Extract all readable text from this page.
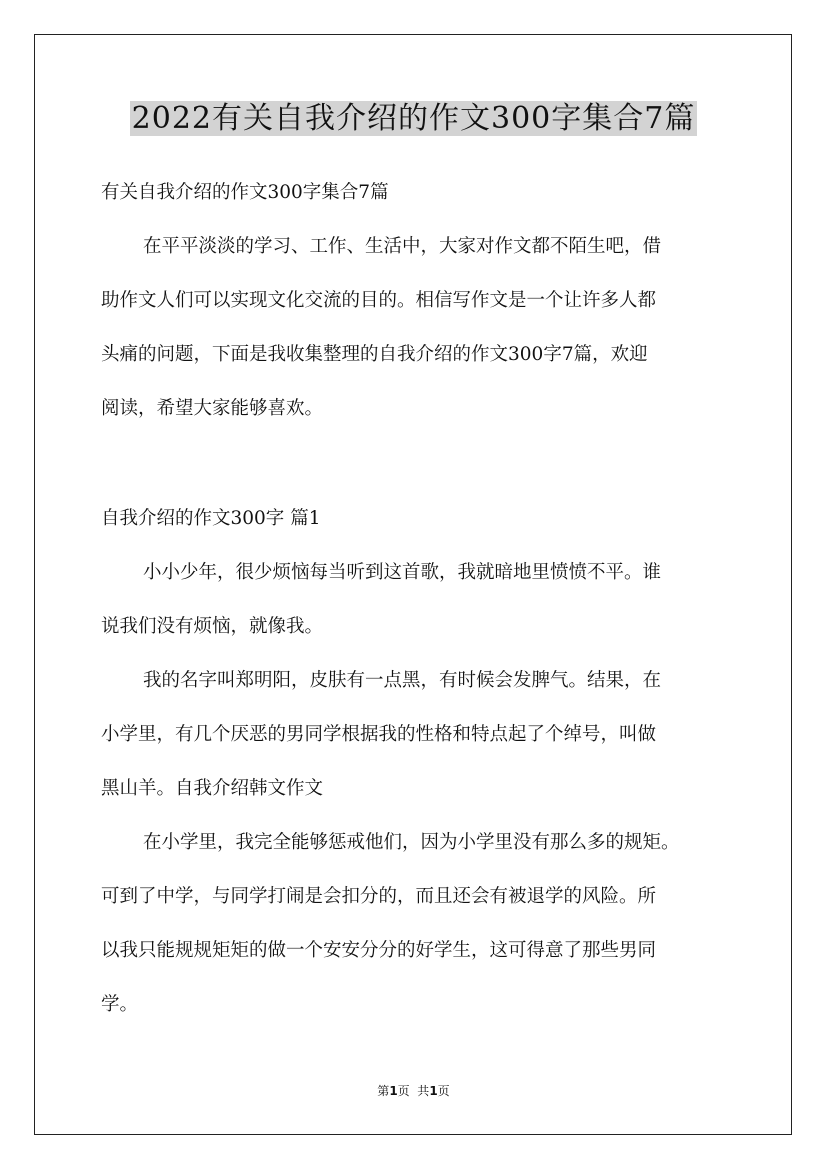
2022有关自我介绍的作文300字集合7篇
有关自我介绍的作文300字集合7篇
在平平淡淡的学习、工作、生活中，大家对作文都不陌生吧，借
助作文人们可以实现文化交流的目的。相信写作文是一个让许多人都
头痛的问题，下面是我收集整理的自我介绍的作文300字7篇，欢迎
阅读，希望大家能够喜欢。
自我介绍的作文300字 篇1
小小少年，很少烦恼每当听到这首歌，我就暗地里愤愤不平。谁
说我们没有烦恼，就像我。
我的名字叫郑明阳，皮肤有一点黑，有时候会发脾气。结果，在
小学里，有几个厌恶的男同学根据我的性格和特点起了个绰号，叫做
黑山羊。自我介绍韩文作文
在小学里，我完全能够惩戒他们，因为小学里没有那么多的规矩。
可到了中学，与同学打闹是会扣分的，而且还会有被退学的风险。所
以我只能规规矩矩的做一个安安分分的好学生，这可得意了那些男同
学。
第1页  共1页
